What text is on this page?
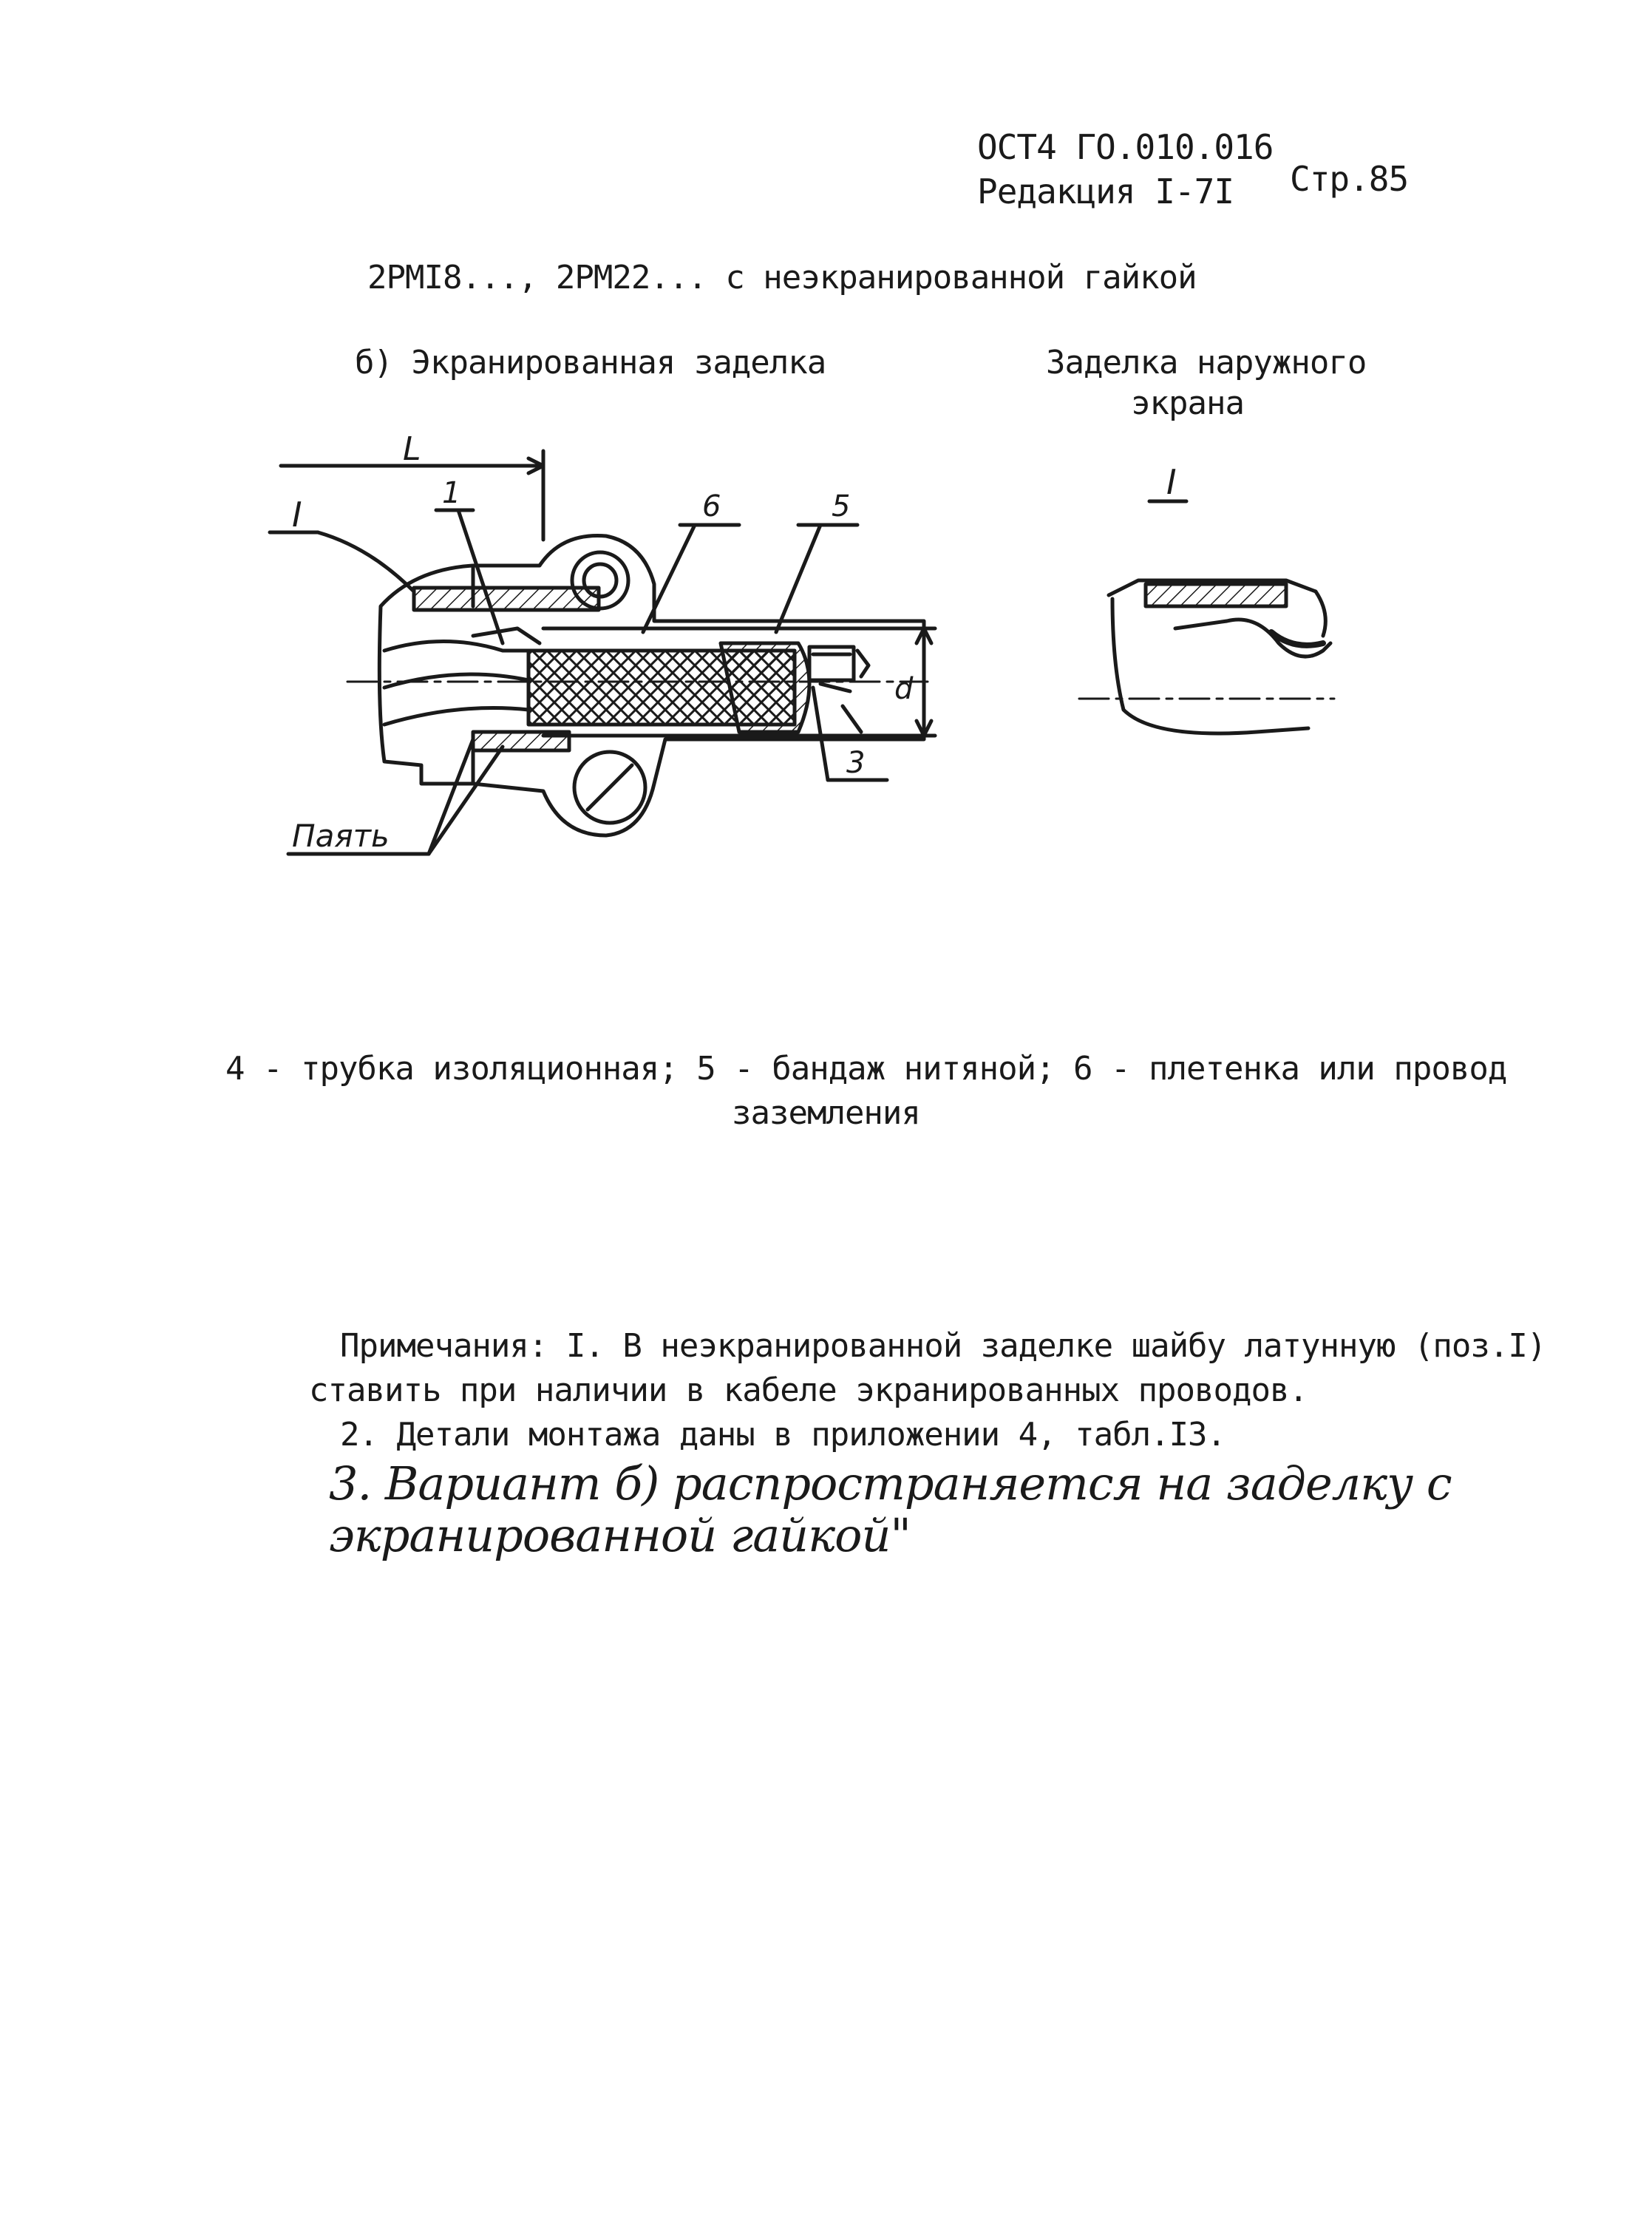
ОСТ4 ГО.010.016
Редакция I-7I Стр.85
2РМI8..., 2РМ22... с неэкранированной гайкой
б) Экранированная заделка	Заделка наружного
экрана
L
I
1	6	5
3
d
Паять
I
4 - трубка изоляционная; 5 - бандаж нитяной; 6 - плетенка или провод
заземления
Примечания: I. В неэкранированной заделке шайбу латунную (поз.I)
ставить при наличии в кабеле экранированных проводов.
2. Детали монтажа даны в приложении 4, табл.I3.
3. Вариант б) распространяется на заделку с
экранированной гайкой"
